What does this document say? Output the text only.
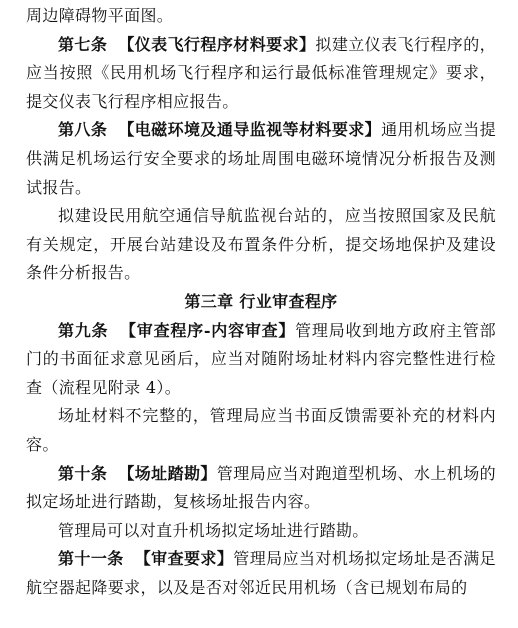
周边障碍物平面图。

第七条 【仪表飞行程序材料要求】拟建立仪表飞行程序的，应当按照《民用机场飞行程序和运行最低标准管理规定》要求，提交仪表飞行程序相应报告。

第八条 【电磁环境及通导监视等材料要求】通用机场应当提供满足机场运行安全要求的场址周围电磁环境情况分析报告及测试报告。

拟建设民用航空通信导航监视台站的，应当按照国家及民航有关规定，开展台站建设及布置条件分析，提交场地保护及建设条件分析报告。

第三章 行业审查程序

第九条 【审查程序-内容审查】管理局收到地方政府主管部门的书面征求意见函后，应当对随附场址材料内容完整性进行检查（流程见附录 4）。

场址材料不完整的，管理局应当书面反馈需要补充的材料内容。

第十条 【场址踏勘】管理局应当对跑道型机场、水上机场的拟定场址进行踏勘，复核场址报告内容。

管理局可以对直升机场拟定场址进行踏勘。

第十一条 【审查要求】管理局应当对机场拟定场址是否满足航空器起降要求，以及是否对邻近民用机场（含已规划布局的
